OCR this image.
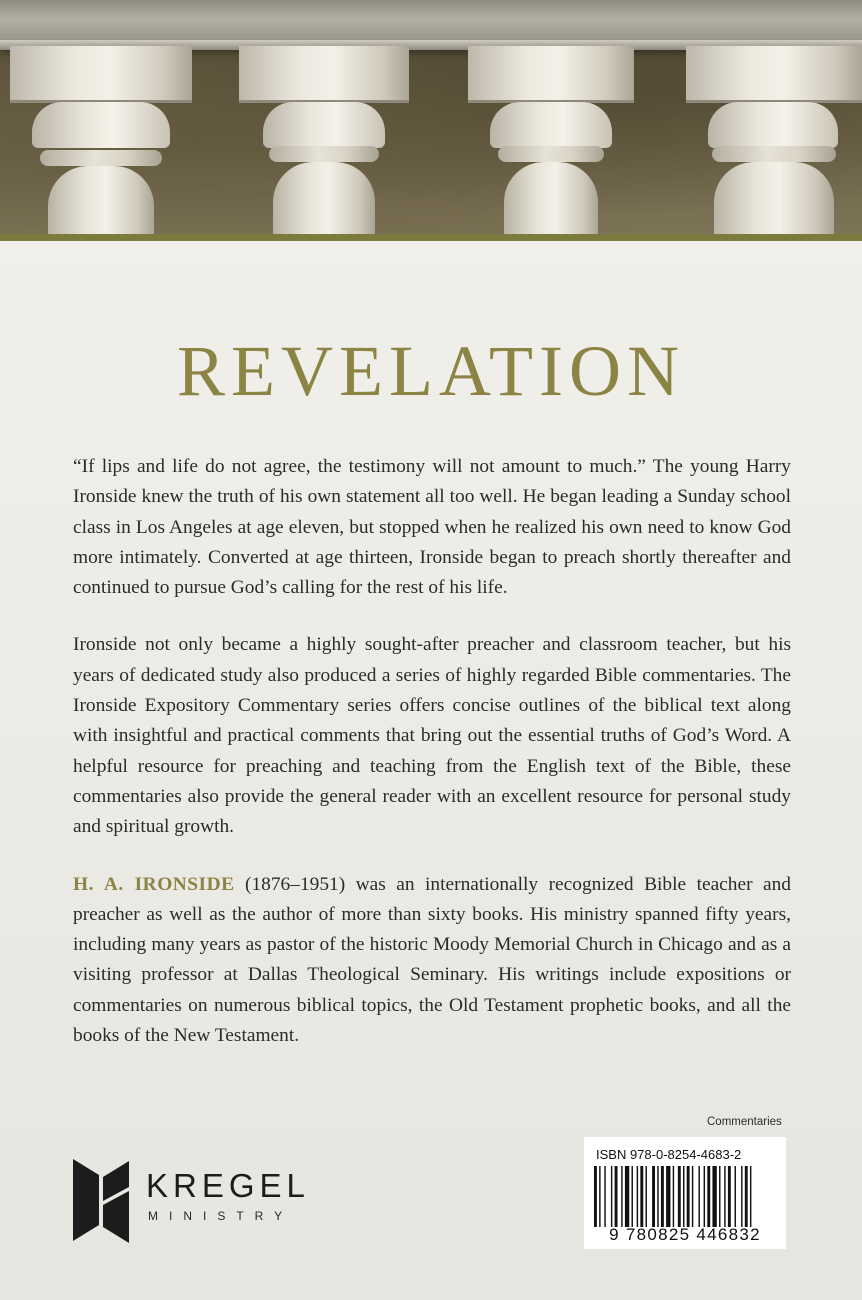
REVELATION

“If lips and life do not agree, the testimony will not amount to much.” The young Harry Ironside knew the truth of his own statement all too well. He began leading a Sunday school class in Los Angeles at age eleven, but stopped when he realized his own need to know God more intimately. Converted at age thirteen, Ironside began to preach shortly thereafter and continued to pursue God’s calling for the rest of his life.

Ironside not only became a highly sought-after preacher and classroom teacher, but his years of dedicated study also produced a series of highly regarded Bible commentaries. The Ironside Expository Commentary series offers concise outlines of the biblical text along with insightful and practical comments that bring out the essential truths of God’s Word. A helpful resource for preaching and teaching from the English text of the Bible, these commentaries also provide the general reader with an excellent resource for personal study and spiritual growth.

H. A. IRONSIDE (1876–1951) was an internationally recognized Bible teacher and preacher as well as the author of more than sixty books. His ministry spanned fifty years, including many years as pastor of the historic Moody Memorial Church in Chicago and as a visiting professor at Dallas Theological Seminary. His writings include expositions or commentaries on numerous biblical topics, the Old Testament prophetic books, and all the books of the New Testament.

KREGEL
MINISTRY
Commentaries
ISBN 978-0-8254-4683-2
9 780825 446832
